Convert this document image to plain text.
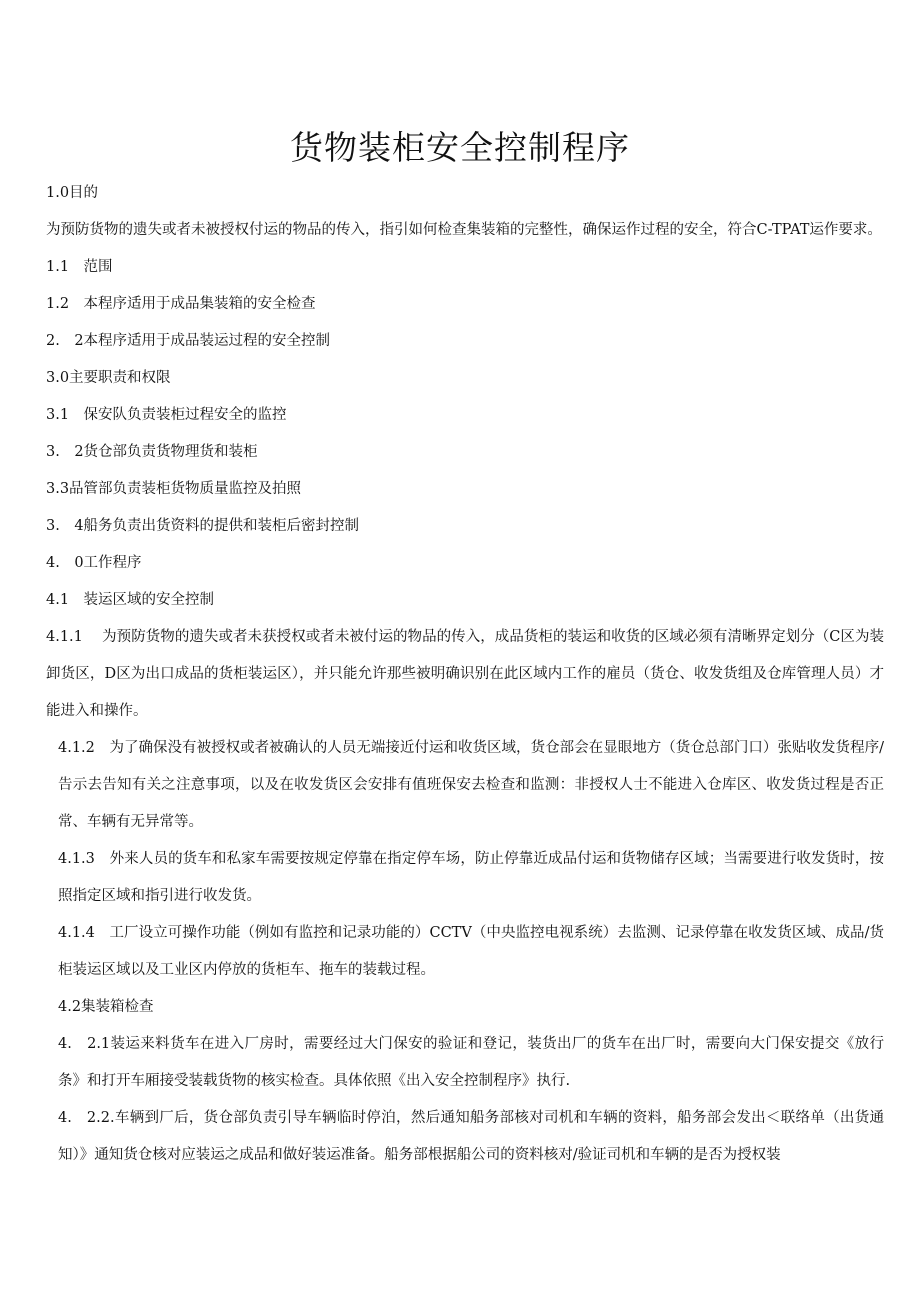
货物装柜安全控制程序

1.0目的

为预防货物的遗失或者未被授权付运的物品的传入，指引如何检查集装箱的完整性，确保运作过程的安全，符合C-TPAT运作要求。

1.1　范围

1.2　本程序适用于成品集装箱的安全检查

2.　2本程序适用于成品装运过程的安全控制

3.0主要职责和权限

3.1　保安队负责装柜过程安全的监控

3.　2货仓部负责货物理货和装柜

3.3品管部负责装柜货物质量监控及拍照

3.　4船务负责出货资料的提供和装柜后密封控制

4.　0工作程序

4.1　装运区域的安全控制

4.1.1　 为预防货物的遗失或者未获授权或者未被付运的物品的传入，成品货柜的装运和收货的区域必须有清晰界定划分（C区为装卸货区，D区为出口成品的货柜装运区），并只能允许那些被明确识别在此区域内工作的雇员（货仓、收发货组及仓库管理人员）才能进入和操作。

4.1.2　为了确保没有被授权或者被确认的人员无端接近付运和收货区域，货仓部会在显眼地方（货仓总部门口）张贴收发货程序/告示去告知有关之注意事项，以及在收发货区会安排有值班保安去检查和监测：非授权人士不能进入仓库区、收发货过程是否正常、车辆有无异常等。

4.1.3　外来人员的货车和私家车需要按规定停靠在指定停车场，防止停靠近成品付运和货物储存区域；当需要进行收发货时，按照指定区域和指引进行收发货。

4.1.4　工厂设立可操作功能（例如有监控和记录功能的）CCTV（中央监控电视系统）去监测、记录停靠在收发货区域、成品/货柜装运区域以及工业区内停放的货柜车、拖车的装载过程。

4.2集装箱检查

4.　2.1装运来料货车在进入厂房时，需要经过大门保安的验证和登记，装货出厂的货车在出厂时，需要向大门保安提交《放行条》和打开车厢接受装载货物的核实检查。具体依照《出入安全控制程序》执行.

4.　2.2.车辆到厂后，货仓部负责引导车辆临时停泊，然后通知船务部核对司机和车辆的资料，船务部会发出＜联络单（出货通知）》通知货仓核对应装运之成品和做好装运准备。船务部根据船公司的资料核对/验证司机和车辆的是否为授权装
